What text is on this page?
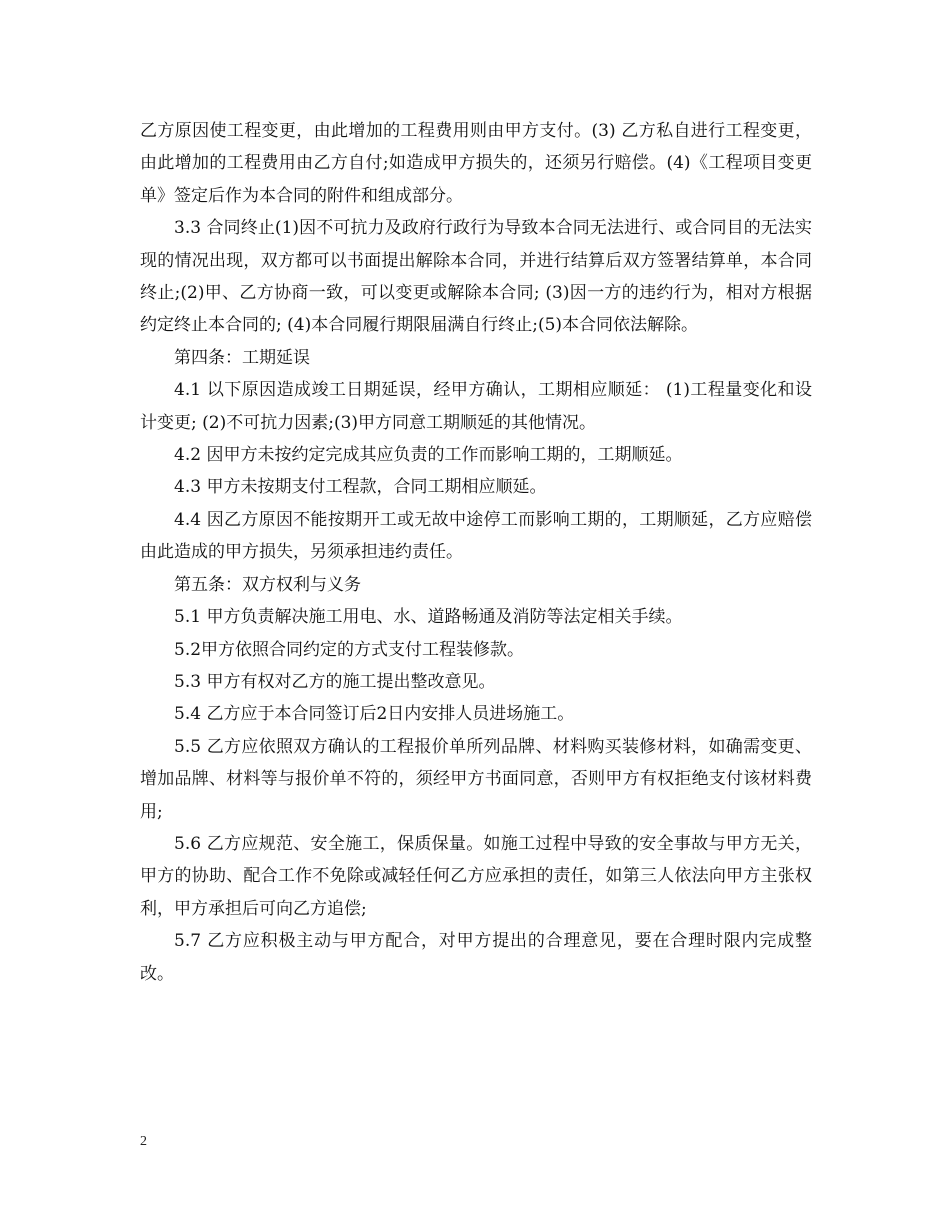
乙方原因使工程变更，由此增加的工程费用则由甲方支付。(3) 乙方私自进行工程变更，由此增加的工程费用由乙方自付;如造成甲方损失的，还须另行赔偿。(4)《工程项目变更单》签定后作为本合同的附件和组成部分。

3.3 合同终止(1)因不可抗力及政府行政行为导致本合同无法进行、或合同目的无法实现的情况出现，双方都可以书面提出解除本合同，并进行结算后双方签署结算单，本合同终止;(2)甲、乙方协商一致，可以变更或解除本合同; (3)因一方的违约行为，相对方根据约定终止本合同的; (4)本合同履行期限届满自行终止;(5)本合同依法解除。

第四条：工期延误

4.1 以下原因造成竣工日期延误，经甲方确认，工期相应顺延： (1)工程量变化和设计变更; (2)不可抗力因素;(3)甲方同意工期顺延的其他情况。

4.2 因甲方未按约定完成其应负责的工作而影响工期的，工期顺延。

4.3 甲方未按期支付工程款，合同工期相应顺延。

4.4 因乙方原因不能按期开工或无故中途停工而影响工期的，工期顺延，乙方应赔偿由此造成的甲方损失，另须承担违约责任。

第五条：双方权利与义务

5.1 甲方负责解决施工用电、水、道路畅通及消防等法定相关手续。

5.2甲方依照合同约定的方式支付工程装修款。

5.3 甲方有权对乙方的施工提出整改意见。

5.4 乙方应于本合同签订后2日内安排人员进场施工。

5.5 乙方应依照双方确认的工程报价单所列品牌、材料购买装修材料，如确需变更、增加品牌、材料等与报价单不符的，须经甲方书面同意，否则甲方有权拒绝支付该材料费用;

5.6 乙方应规范、安全施工，保质保量。如施工过程中导致的安全事故与甲方无关，甲方的协助、配合工作不免除或减轻任何乙方应承担的责任，如第三人依法向甲方主张权利，甲方承担后可向乙方追偿;

5.7 乙方应积极主动与甲方配合，对甲方提出的合理意见，要在合理时限内完成整改。

2
